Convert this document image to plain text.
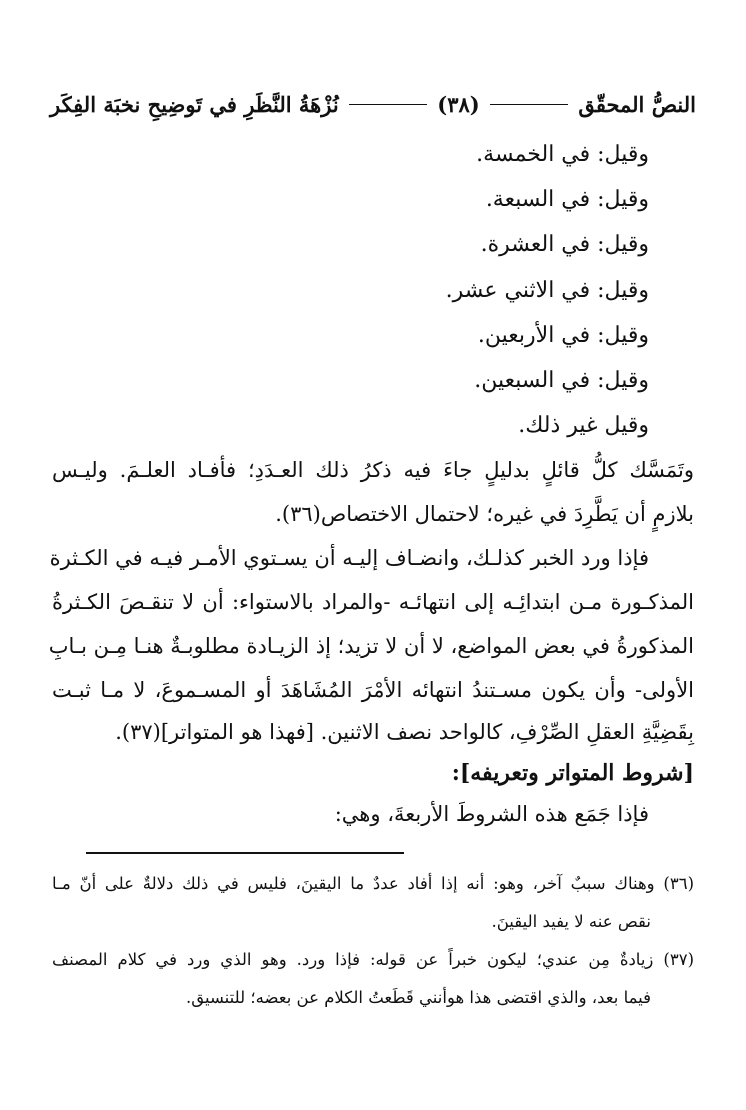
النصُّ المحقّق
(٣٨)
نُزْهَةُ النَّظَرِ في تَوضِيحِ نخبَة الفِكَر
وقيل: في الخمسة.
وقيل: في السبعة.
وقيل: في العشرة.
وقيل: في الاثني عشر.
وقيل: في الأربعين.
وقيل: في السبعين.
وقيل غير ذلك.
وتَمَسَّك كلُّ قائلٍ بدليلٍ جاءَ فيه ذكرُ ذلك العـدَدِ؛ فأفـاد العلـمَ. وليـس
بلازمٍ أن يَطَّرِدَ في غيره؛ لاحتمال الاختصاص(٣٦).
فإذا ورد الخبر كذلـك، وانضـاف إليـه أن يسـتوي الأمـر فيـه في الكـثرة
المذكـورة مـن ابتدائِـه إلى انتهائـه -والمراد بالاستواء: أن لا تنقـصَ الكـثرةُ
المذكورةُ في بعض المواضع، لا أن لا تزيد؛ إذ الزيـادة مطلوبـةٌ هنـا مِـن بـابِ
الأولى- وأن يكون مسـتندُ انتهائه الأمْرَ المُشَاهَدَ أو المسـموعَ، لا مـا ثبـت
بِقَضِيَّةِ العقلِ الصِّرْفِ، كالواحد نصف الاثنين. [فهذا هو المتواتر](٣٧).
[شروط المتواتر وتعريفه]:
فإذا جَمَع هذه الشروطَ الأربعةَ، وهي:
(٣٦) وهناك سببٌ آخر، وهو: أنه إذا أفاد عددٌ ما اليقينَ، فليس في ذلك دلالةٌ على أنّ مـا
نقص عنه لا يفيد اليقينَ.
(٣٧) زيادةٌ مِن عندي؛ ليكون خبراً عن قوله: فإذا ورد. وهو الذي ورد في كلام المصنف
فيما بعد، والذي اقتضى هذا هوأنني قَطَعتُ الكلام عن بعضه؛ للتنسيق.
